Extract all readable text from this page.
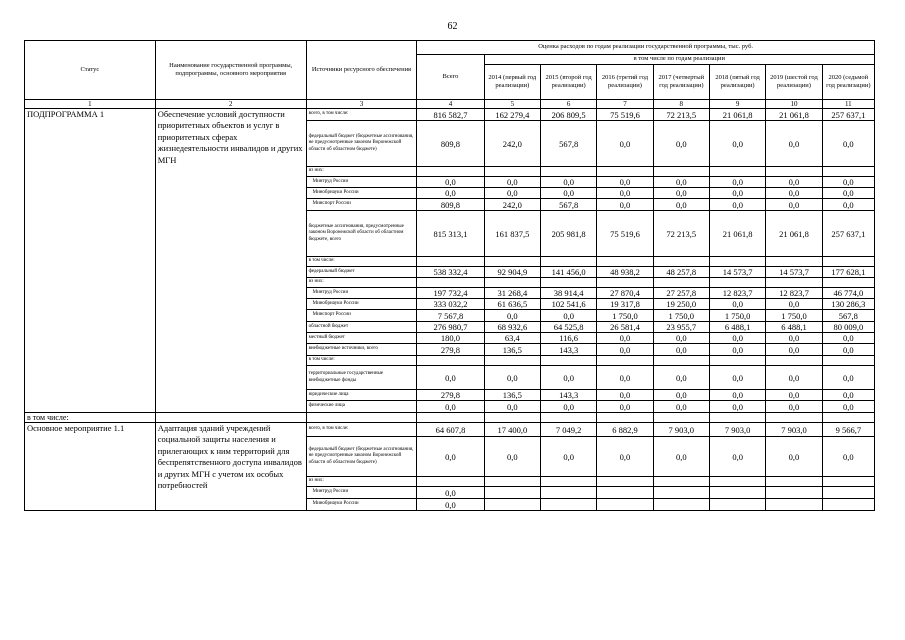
62
Статус	Наименование государственной программы, подпрограммы, основного мероприятия	Источники ресурсного обеспечения	Оценка расходов по годам реализации государственной программы, тыс. руб.							
			Всего	в том числе по годам реализации						
				2014 (первый год реализации)	2015 (второй год реализации)	2016 (третий год реализации)	2017 (четвертый год реализации)	2018 (пятый год реализации)	2019 (шестой год реализации)	2020 (седьмой год реализации)
1	2	3	4	5	6	7	8	9	10	11
ПОДПРОГРАММА 1	Обеспечение условий доступности приоритетных объектов и услуг в приоритетных сферах жизнедеятельности инвалидов и других МГН	всего, в том числе:	816 582,7	162 279,4	206 809,5	75 519,6	72 213,5	21 061,8	21 061,8	257 637,1
		федеральный бюджет (бюджетные ассигнования, не предусмотренные законом Воронежской области об областном бюджете)	809,8	242,0	567,8	0,0	0,0	0,0	0,0	0,0
		из них:								
		Минтруд России	0,0	0,0	0,0	0,0	0,0	0,0	0,0	0,0
		Минобрнауки России	0,0	0,0	0,0	0,0	0,0	0,0	0,0	0,0
		Минспорт России	809,8	242,0	567,8	0,0	0,0	0,0	0,0	0,0
		бюджетные ассигнования, предусмотренные законом Воронежской области об областном бюджете, всего	815 313,1	161 837,5	205 981,8	75 519,6	72 213,5	21 061,8	21 061,8	257 637,1
		в том числе:								
		федеральный бюджет	538 332,4	92 904,9	141 456,0	48 938,2	48 257,8	14 573,7	14 573,7	177 628,1
		из них:								
		Минтруд России	197 732,4	31 268,4	38 914,4	27 870,4	27 257,8	12 823,7	12 823,7	46 774,0
		Минобрнауки России	333 032,2	61 636,5	102 541,6	19 317,8	19 250,0	0,0	0,0	130 286,3
		Минспорт России	7 567,8	0,0	0,0	1 750,0	1 750,0	1 750,0	1 750,0	567,8
		областной бюджет	276 980,7	68 932,6	64 525,8	26 581,4	23 955,7	6 488,1	6 488,1	80 009,0
		местный бюджет	180,0	63,4	116,6	0,0	0,0	0,0	0,0	0,0
		внебюджетные источники, всего	279,8	136,5	143,3	0,0	0,0	0,0	0,0	0,0
		в том числе:								
		территориальные государственные внебюджетные фонды	0,0	0,0	0,0	0,0	0,0	0,0	0,0	0,0
		юридические лица	279,8	136,5	143,3	0,0	0,0	0,0	0,0	0,0
		физические лица	0,0	0,0	0,0	0,0	0,0	0,0	0,0	0,0
в том числе:										
Основное мероприятие 1.1	Адаптация зданий учреждений социальной защиты населения и прилегающих к ним территорий для беспрепятственного доступа инвалидов и других МГН с учетом их особых потребностей	всего, в том числе:	64 607,8	17 400,0	7 049,2	6 882,9	7 903,0	7 903,0	7 903,0	9 566,7
		федеральный бюджет (бюджетные ассигнования, не предусмотренные законом Воронежской области об областном бюджете)	0,0	0,0	0,0	0,0	0,0	0,0	0,0	0,0
		из них:								
		Минтруд России	0,0							
		Минобрнауки России	0,0							
